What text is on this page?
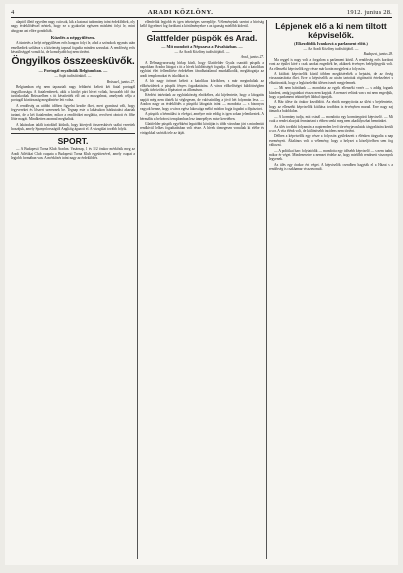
4	ARADI KÖZLÖNY.	1912. junius 28.

alaptól illető egyetlen nagy csúcsok, kik a katonai tudomány iránt érdeklődtek, oly nagy érdeklődéssel néztek, hogy ez a gyakorlat egészen másként folyt le, mint ahogyan azt előre gondolták.

Küzdés a népgyűlésen.

A tüntetés a helyi népgyűlésen erős hangon folyt le, ahol a szónokok egymás után emelkedtek szólásra s a közönség tapssal fogadta minden szavukat. A rendőrség erős készültséggel vonult ki, de komolyabb baj nem történt.

Öngyilkos összeesküvők.
— Portugál royalisták Belgiumban. —
— Saját tudósítónktól. —
Brüsszel, junius 27.

Belgiumban rég nem tapasztalt nagy feltűnést keltett két fiatal portugál öngyilkossága. A fiatalemberek, akik a királyi párt hívei voltak, hosszabb idő óta tartózkodtak Brüsszelben s itt készítették elő azt a mozgalmat, amelynek célja a portugál köztársaság megdöntése lett volna.

A rendőrség az utóbbi időben figyelni kezdte őket, mert gyanússá vált, hogy fegyvereket és lőszert szereznek be. Tegnap este a lakásukon házkutatást akartak tartani, de a két fiatalember, mikor a rendőröket meglátta, revolvert rántott és főbe lőtte magát. Mindketten azonnal meghaltak.

A lakásukon talált iratokból kitűnik, hogy kiterjedt összeesküvés szálai vezettek hozzájuk, amely Spanyolországtól Angliáig ágazott el. A vizsgálat tovább folyik.

SPORT.

— A Budapesti Torna Klub Aradon. Vasárnap, 1 és 1/2 órakor mérkőzik meg az Aradi Atlétikai Club csapata a Budapesti Torna Klub együttesével, amely csapat a legjobb formában van. A mérkőzés iránt nagy az érdeklődés.

ellenfelük legjobb és igen tehetséges szereplője. Véleményünk szerint a bíróság kellő figyelmet fog fordítani a körülményekre s az igazság mielőbb kiderül.

Glattfelder püspök és Arad.
— Mit mondott a Népszava a Pávaházban. —
— Az Aradi Közlöny tudósítójától. —
Arad, junius 27.

A Délmagyarország hírlap közli, hogy Glattfelder Gyula csanádi püspök a napokban Aradra látogat s itt a hívek küldöttségét fogadja. A püspök, aki a katolikus egyházi élet fellendítése érdekében fáradhatatlanul munkálkodik, meglátogatja az aradi templomokat és iskolákat is.

A hír nagy örömet keltett a katolikus körökben, s már megindultak az előkészületek a püspök fényes fogadtatására. A város előkelőségei küldöttségben fogják üdvözölni a főpásztort az állomáson.

Kérdést intéztünk az egyházközség elnökéhez, aki kijelentette, hogy a látogatás napját még nem tűzték ki véglegesen, de valószínűleg a jövő hét folyamán lesz. — Aradon nagy az érdeklődés a püspöki látogatás iránt — mondotta — s bizonyos vagyok benne, hogy a város egész lakossága méltó módon fogja fogadni a főpásztort.

A püspök a bérmálást is elvégzi, amelyre már eddig is igen sokan jelentkeztek. A bérmálás a belvárosi templomban lesz ünnepélyes mise keretében.

Glattfelder püspök egyébként legutóbbi körútján is több városban járt s mindenütt rendkívül lelkes fogadtatásban volt része. A hívek tömegesen vonultak ki elébe és virágokkal szórták tele az útját.

Lépjenek elő a ki nem tiltott képviselők.
(Elkezdődik Ivanková a parlament előtt.)
— Az Aradi Közlöny tudósítójától. —
Budapest, junius 28.

Ma reggel is nagy volt a forgalom a parlament körül. A rendőrség erős kordont vont az épület köré s csak azokat engedték be, akiknek érvényes belépőjegyük volt. Az ellenzéki képviselők egy része már korán megjelent a folyosón.

A kitiltott képviselők közül többen megkísérelték a bejutást, de az őrség visszautasította őket. Erre a képviselők az utcán tartottak rögtönzött értekezletet s elhatározták, hogy a legközelebbi ülésen ismét megjelennek.

— Mi nem hátrálunk — mondotta az egyik ellenzéki vezér — s addig fogunk küzdeni, amíg jogainkat vissza nem kapjuk. A nemzet velünk van s mi nem engedjük, hogy a parlament tekintélyét lábbal tiporják.

A Ház ülése tíz órakor kezdődött. Az elnök megnyitotta az ülést s bejelentette, hogy az ellenzéki képviselők kitiltása továbbra is érvényben marad. Erre nagy zaj támadt a baloldalon.

— A kormány tudja, mit csinál — mondotta egy kormánypárti képviselő. — Mi csak a rendet akarjuk fenntartani s ebben senki meg nem akadályozhat bennünket.

Az ülés további folyamán a napirenden levő törvényjavaslatok tárgyalására került a sor. A vita élénk volt, de különösebb incidens nem történt.

Délben a képviselők egy része a folyosón gyülekezett s élénken tárgyalta a nap eseményeit. Általános volt a vélemény, hogy a helyzet a közeljövőben sem fog változni.

— A politikai harc folytatódik — mondotta egy idősebb képviselő — s nem tudni, mikor ér véget. Mindenesetre a nemzet érdeke az, hogy mielőbb rendezett viszonyok legyenek.

Az ülés egy órakor ért véget. A képviselők csendben hagyták el a Házat s a rendőrség is csakhamar visszavonult.
